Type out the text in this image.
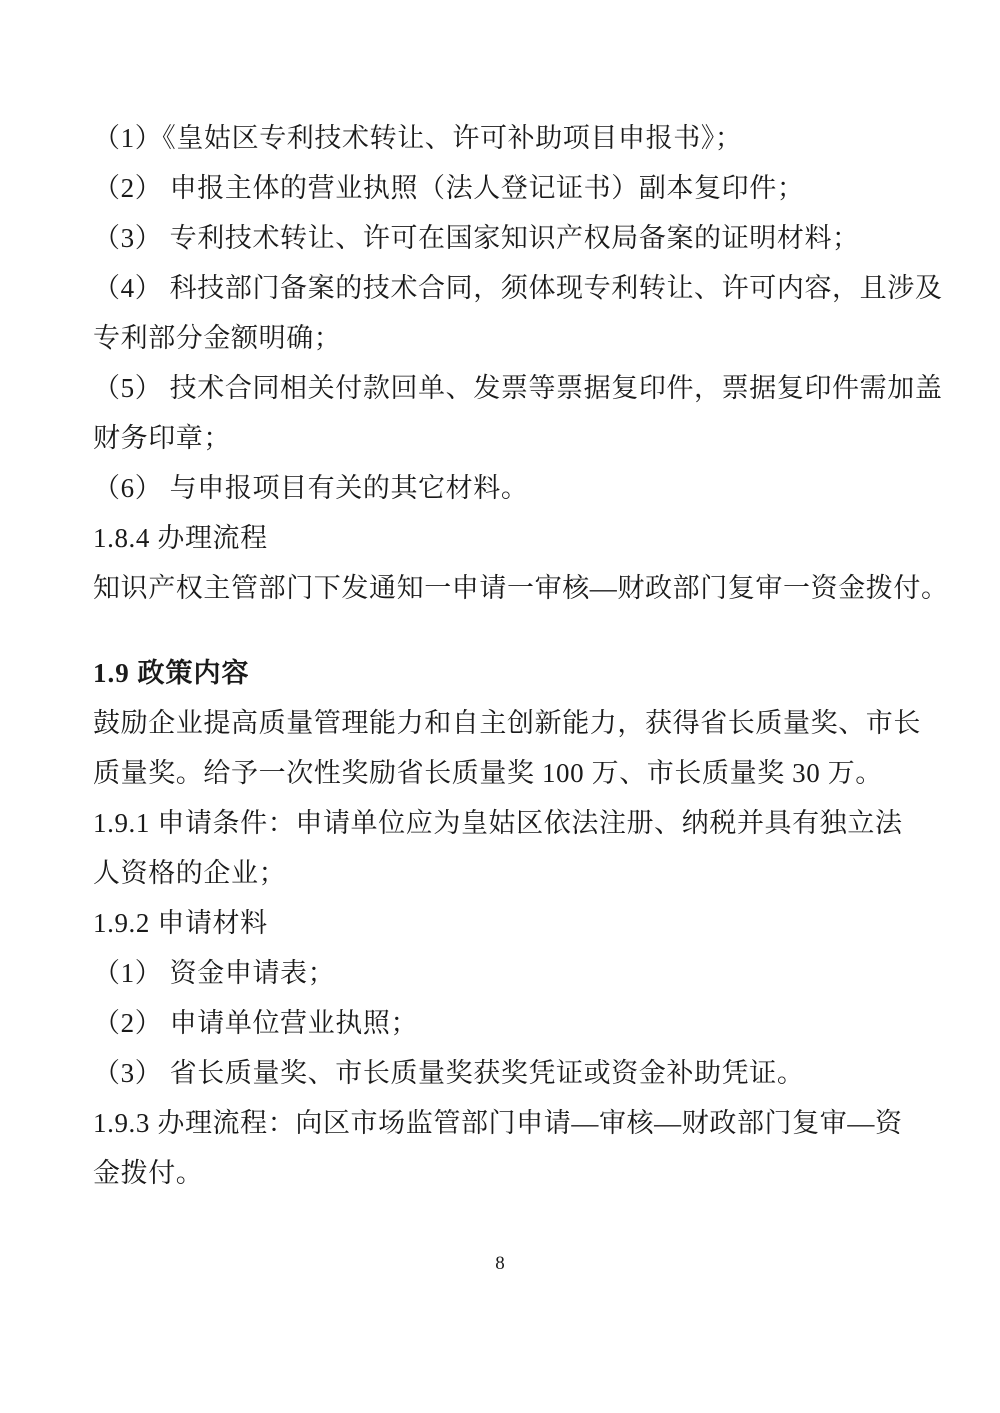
（1）《皇姑区专利技术转让、许可补助项目申报书》；

（2） 申报主体的营业执照（法人登记证书）副本复印件；

（3） 专利技术转让、许可在国家知识产权局备案的证明材料；

（4） 科技部门备案的技术合同，须体现专利转让、许可内容，且涉及

专利部分金额明确；

（5） 技术合同相关付款回单、发票等票据复印件，票据复印件需加盖

财务印章；

（6） 与申报项目有关的其它材料。

1.8.4 办理流程

知识产权主管部门下发通知一申请一审核—财政部门复审一资金拨付。

1.9 政策内容

鼓励企业提高质量管理能力和自主创新能力，获得省长质量奖、市长

质量奖。给予一次性奖励省长质量奖 100 万、市长质量奖 30 万。

1.9.1 申请条件：申请单位应为皇姑区依法注册、纳税并具有独立法

人资格的企业；

1.9.2 申请材料

（1） 资金申请表；

（2） 申请单位营业执照；

（3） 省长质量奖、市长质量奖获奖凭证或资金补助凭证。

1.9.3 办理流程：向区市场监管部门申请—审核—财政部门复审—资

金拨付。

8
